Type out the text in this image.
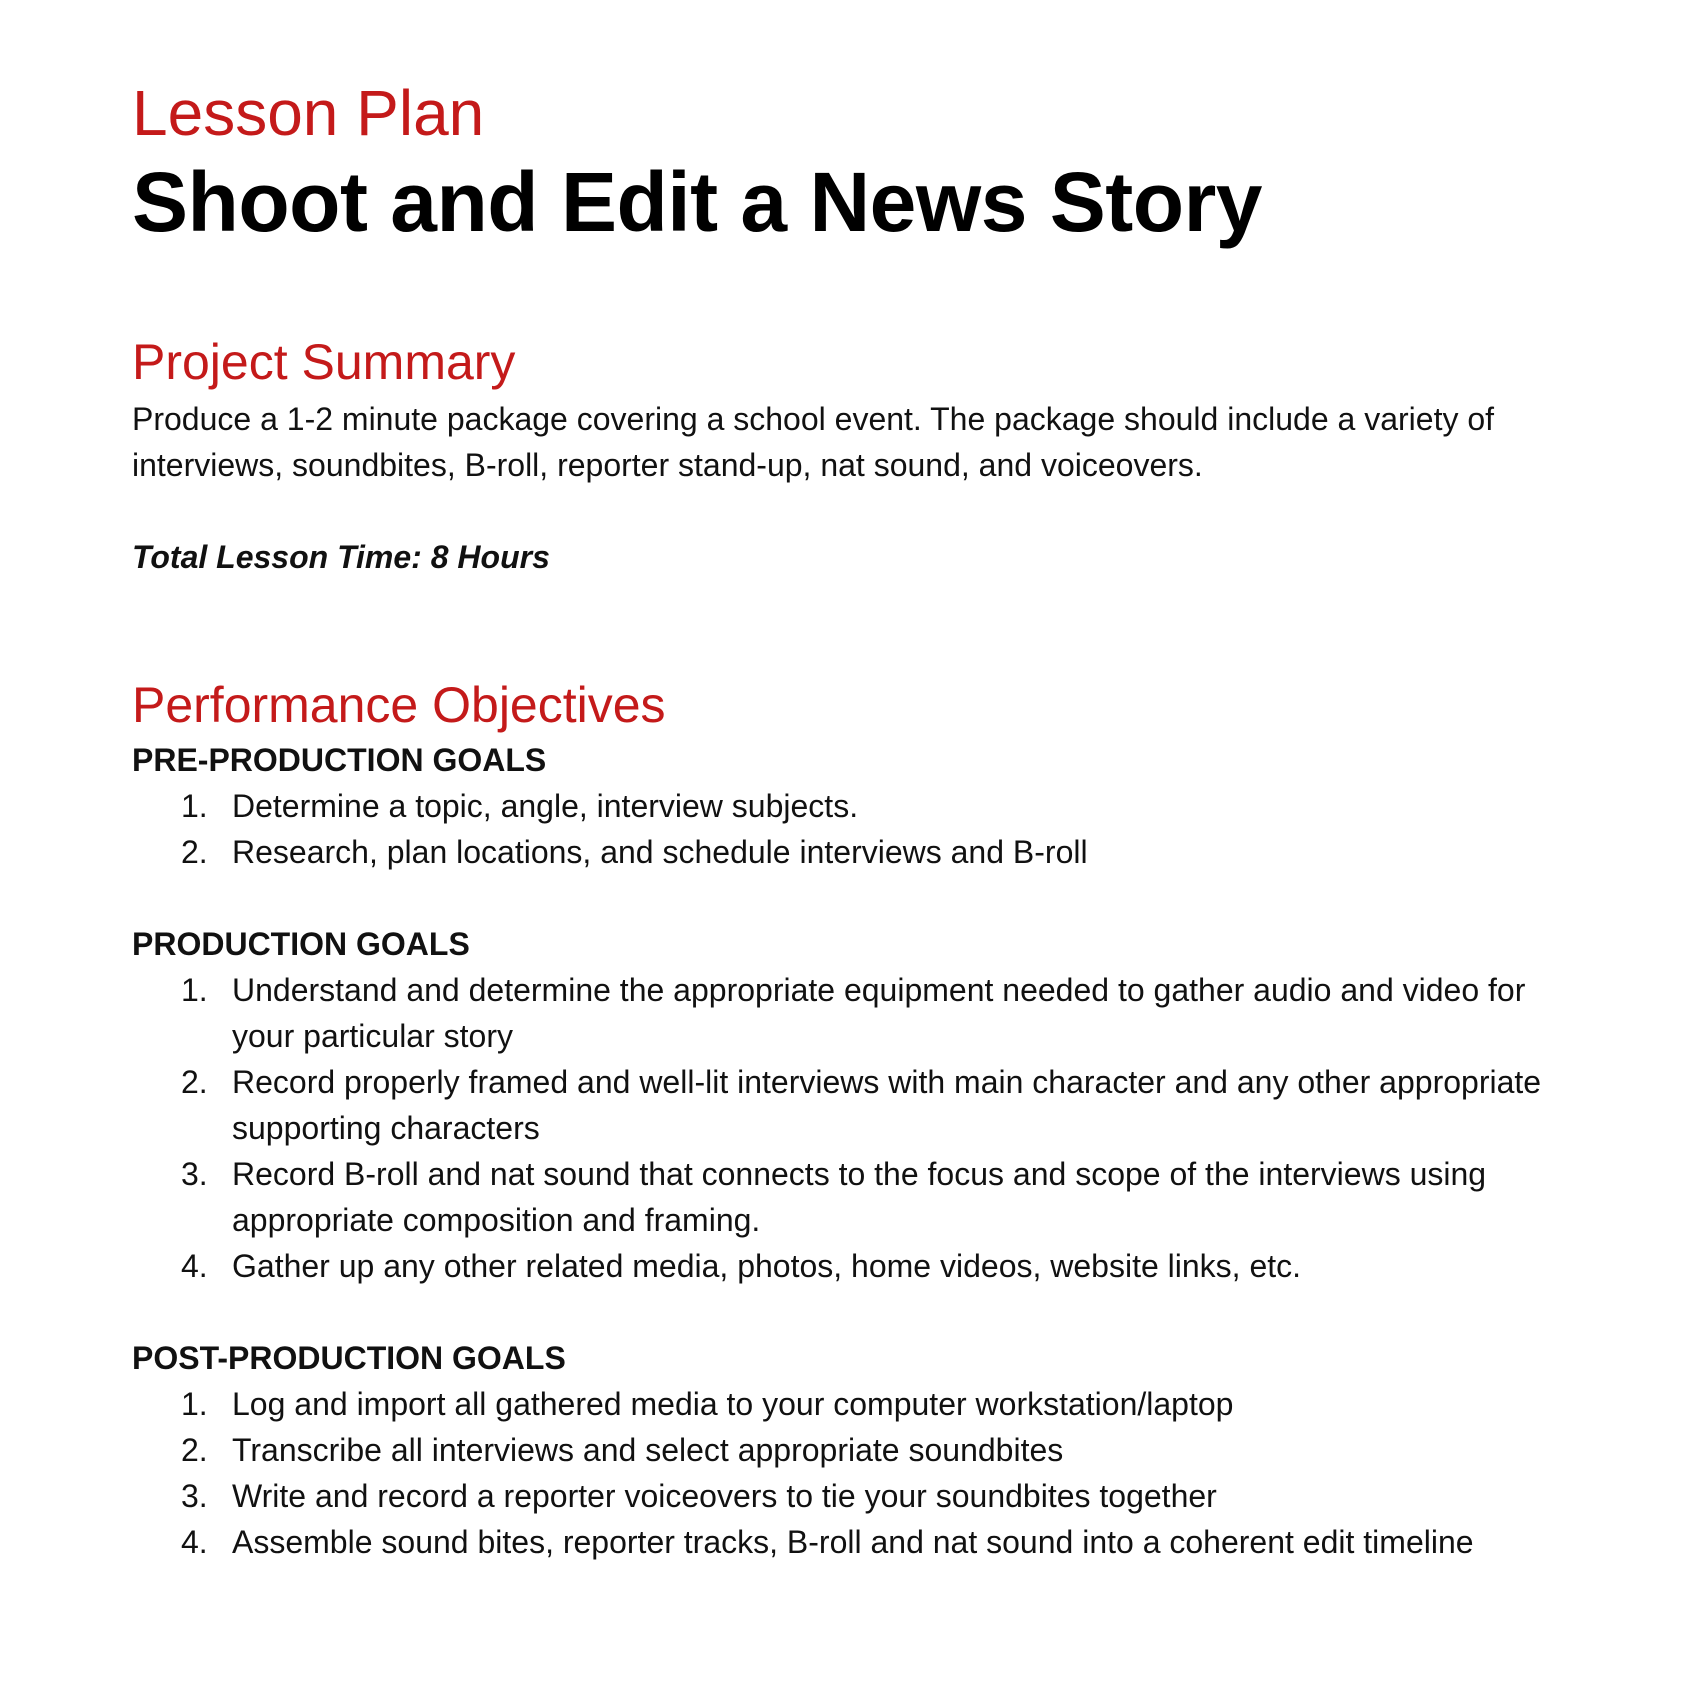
Lesson Plan
Shoot and Edit a News Story
Project Summary

Produce a 1-2 minute package covering a school event. The package should include a variety of interviews, soundbites, B-roll, reporter stand-up, nat sound, and voiceovers.

Total Lesson Time: 8 Hours

Performance Objectives
PRE-PRODUCTION GOALS
1. Determine a topic, angle, interview subjects.
2. Research, plan locations, and schedule interviews and B-roll
PRODUCTION GOALS
1. Understand and determine the appropriate equipment needed to gather audio and video for your particular story
2. Record properly framed and well-lit interviews with main character and any other appropriate supporting characters
3. Record B-roll and nat sound that connects to the focus and scope of the interviews using appropriate composition and framing.
4. Gather up any other related media, photos, home videos, website links, etc.
POST-PRODUCTION GOALS
1. Log and import all gathered media to your computer workstation/laptop
2. Transcribe all interviews and select appropriate soundbites
3. Write and record a reporter voiceovers to tie your soundbites together
4. Assemble sound bites, reporter tracks, B-roll and nat sound into a coherent edit timeline
